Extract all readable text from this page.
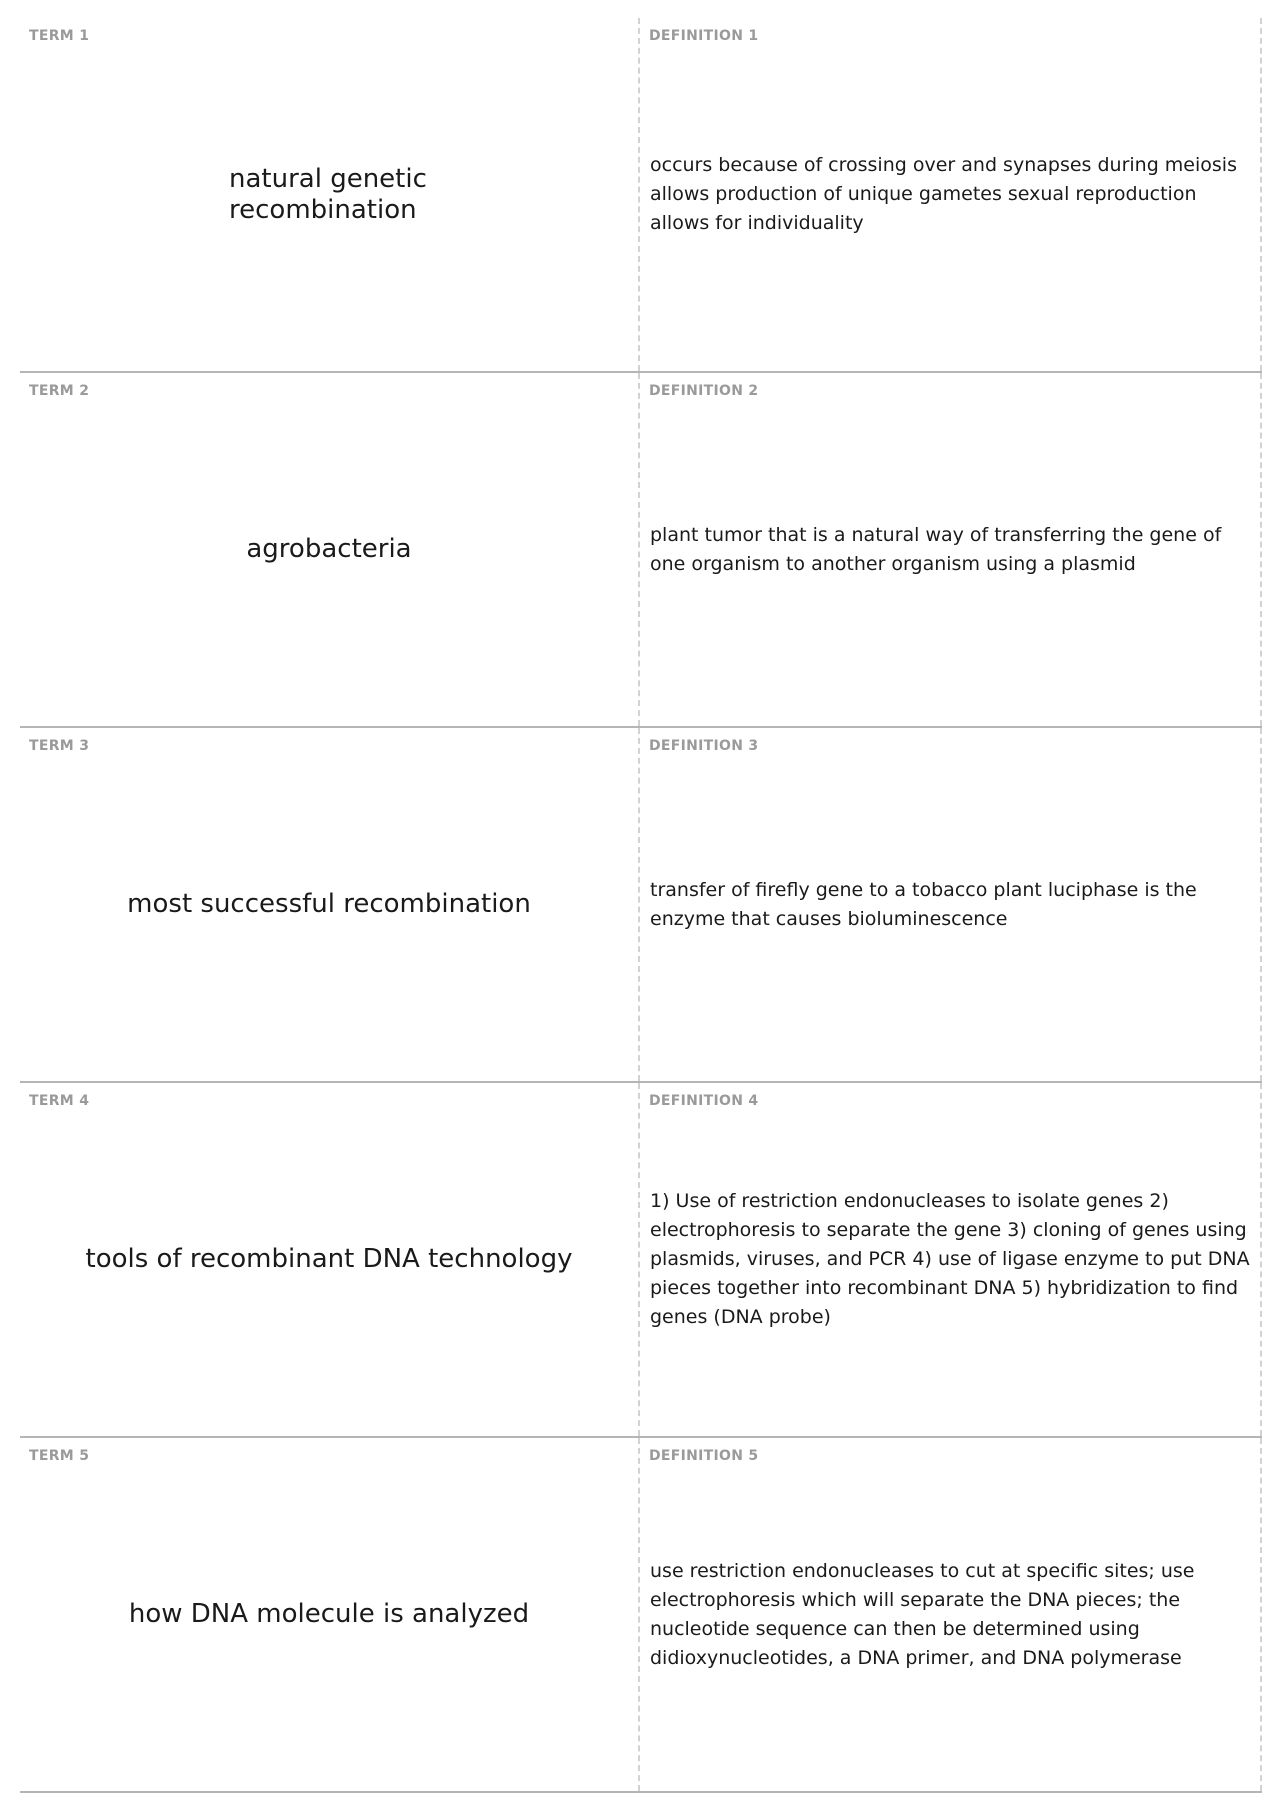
TERM 1
natural genetic recombination
DEFINITION 1
occurs because of crossing over and synapses during meiosis allows production of unique gametes sexual reproduction allows for individuality
TERM 2
agrobacteria
DEFINITION 2
plant tumor that is a natural way of transferring the gene of one organism to another organism using a plasmid
TERM 3
most successful recombination
DEFINITION 3
transfer of firefly gene to a tobacco plant luciphase is the enzyme that causes bioluminescence
TERM 4
tools of recombinant DNA technology
DEFINITION 4
1) Use of restriction endonucleases to isolate genes 2) electrophoresis to separate the gene 3) cloning of genes using plasmids, viruses, and PCR 4) use of ligase enzyme to put DNA pieces together into recombinant DNA 5) hybridization to find genes (DNA probe)
TERM 5
how DNA molecule is analyzed
DEFINITION 5
use restriction endonucleases to cut at specific sites; use electrophoresis which will separate the DNA pieces; the nucleotide sequence can then be determined using didioxynucleotides, a DNA primer, and DNA polymerase
